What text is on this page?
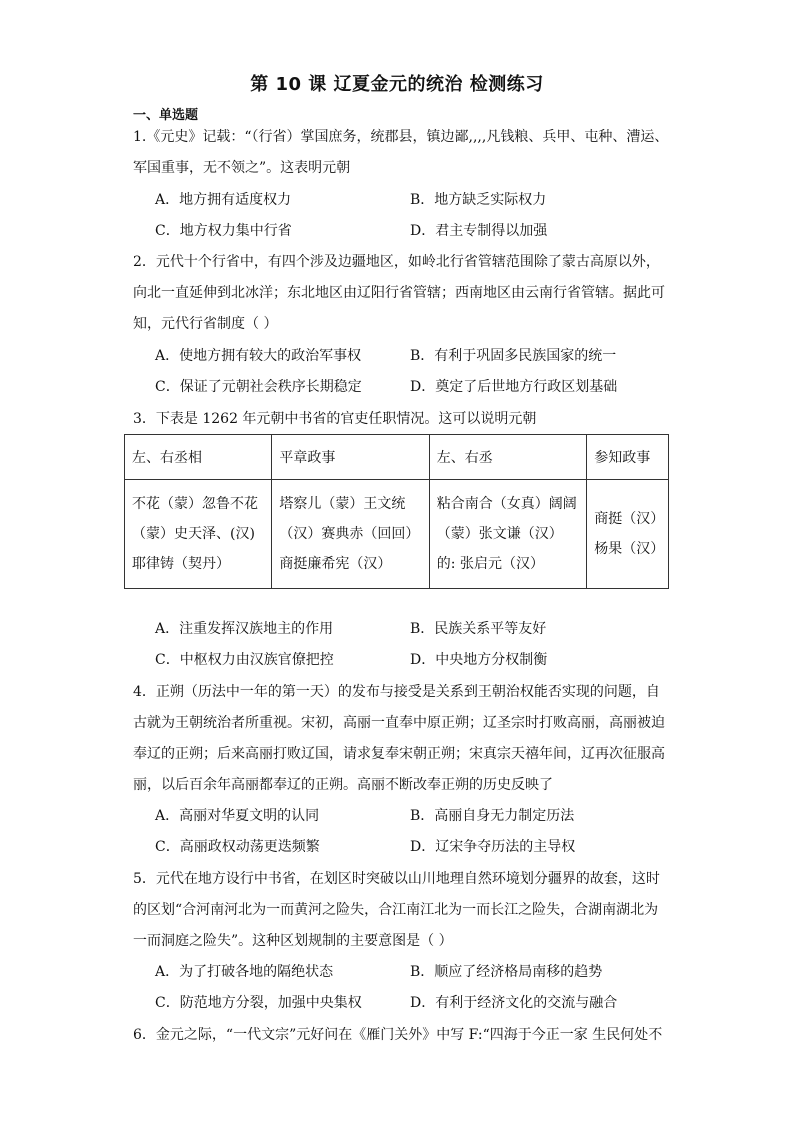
第 10 课 辽夏金元的统治 检测练习
一、单选题
1.《元史》记载：“（行省）掌国庶务，统郡县，镇边鄙,,,,凡钱粮、兵甲、屯种、漕运、
军国重事，无不领之”。这表明元朝
A．地方拥有适度权力	B．地方缺乏实际权力
C．地方权力集中行省	D．君主专制得以加强
2．元代十个行省中，有四个涉及边疆地区，如岭北行省管辖范围除了蒙古高原以外，
向北一直延伸到北冰洋；东北地区由辽阳行省管辖；西南地区由云南行省管辖。据此可
知，元代行省制度（ ）
A．使地方拥有较大的政治军事权	B．有利于巩固多民族国家的统一
C．保证了元朝社会秩序长期稳定	D．奠定了后世地方行政区划基础
3．下表是 1262 年元朝中书省的官吏任职情况。这可以说明元朝
左、右丞相	平章政事	左、右丞	参知政事
不花（蒙）忽鲁不花（蒙）史天泽、(汉) 耶律铸（契丹）	塔察儿（蒙）王文统（汉）赛典赤（回回）商挺廉希宪（汉）	粘合南合（女真）阔阔（蒙）张文谦（汉）的: 张启元（汉）	商挺（汉）杨果（汉）
A．注重发挥汉族地主的作用	B．民族关系平等友好
C．中枢权力由汉族官僚把控	D．中央地方分权制衡
4．正朔（历法中一年的第一天）的发布与接受是关系到王朝治权能否实现的问题，自
古就为王朝统治者所重视。宋初，高丽一直奉中原正朔；辽圣宗时打败高丽，高丽被迫
奉辽的正朔；后来高丽打败辽国，请求复奉宋朝正朔；宋真宗天禧年间，辽再次征服高
丽，以后百余年高丽都奉辽的正朔。高丽不断改奉正朔的历史反映了
A．高丽对华夏文明的认同	B．高丽自身无力制定历法
C．高丽政权动荡更迭频繁	D．辽宋争夺历法的主导权
5．元代在地方设行中书省，在划区时突破以山川地理自然环境划分疆界的故套，这时
的区划“合河南河北为一而黄河之险失，合江南江北为一而长江之险失，合湖南湖北为
一而洞庭之险失”。这种区划规制的主要意图是（ ）
A．为了打破各地的隔绝状态	B．顺应了经济格局南移的趋势
C．防范地方分裂，加强中央集权	D．有利于经济文化的交流与融合
6．金元之际，“一代文宗”元好问在《雁门关外》中写 F:“四海于今正一家 生民何处不
